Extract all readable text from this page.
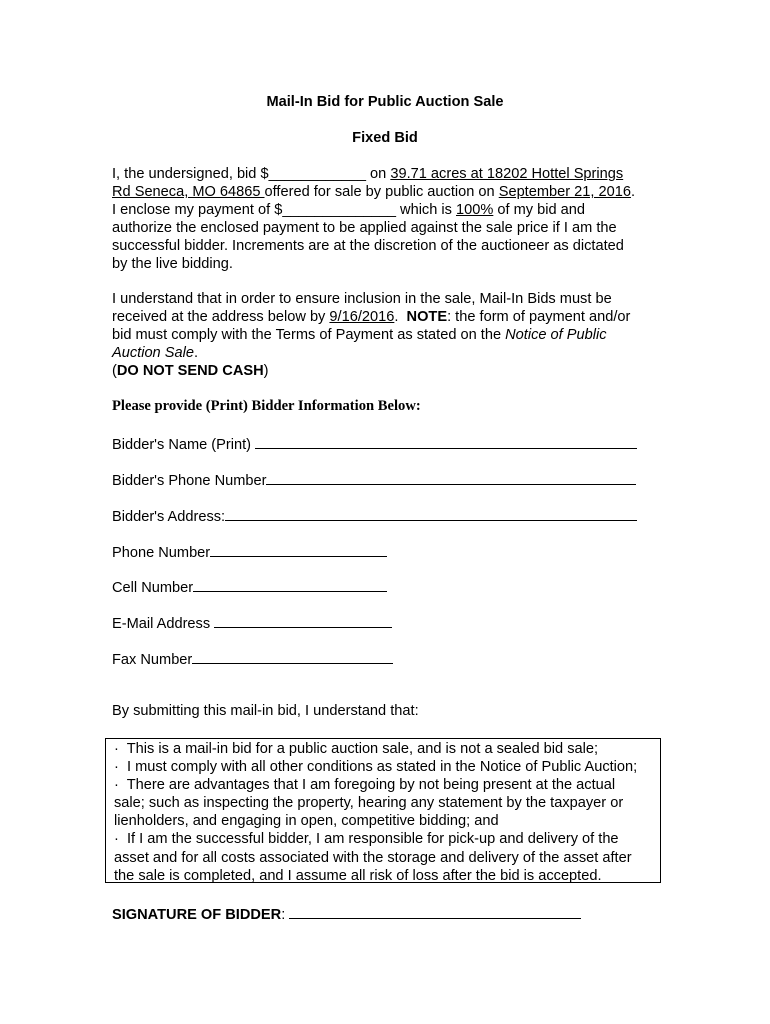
Mail-In Bid for Public Auction Sale
Fixed Bid
I, the undersigned, bid $____________ on 39.71 acres at 18202 Hottel Springs
Rd Seneca, MO 64865 offered for sale by public auction on September 21, 2016.
I enclose my payment of $______________ which is 100% of my bid and
authorize the enclosed payment to be applied against the sale price if I am the
successful bidder. Increments are at the discretion of the auctioneer as dictated
by the live bidding.
I understand that in order to ensure inclusion in the sale, Mail-In Bids must be
received at the address below by 9/16/2016.  NOTE: the form of payment and/or
bid must comply with the Terms of Payment as stated on the Notice of Public
Auction Sale.
(DO NOT SEND CASH)
Please provide (Print) Bidder Information Below:
Bidder's Name (Print)
Bidder's Phone Number
Bidder's Address:
Phone Number
Cell Number
E-Mail Address
Fax Number
By submitting this mail-in bid, I understand that:
·  This is a mail-in bid for a public auction sale, and is not a sealed bid sale;
·  I must comply with all other conditions as stated in the Notice of Public Auction;
·  There are advantages that I am foregoing by not being present at the actual
sale; such as inspecting the property, hearing any statement by the taxpayer or
lienholders, and engaging in open, competitive bidding; and
·  If I am the successful bidder, I am responsible for pick-up and delivery of the
asset and for all costs associated with the storage and delivery of the asset after
the sale is completed, and I assume all risk of loss after the bid is accepted.
SIGNATURE OF BIDDER:
